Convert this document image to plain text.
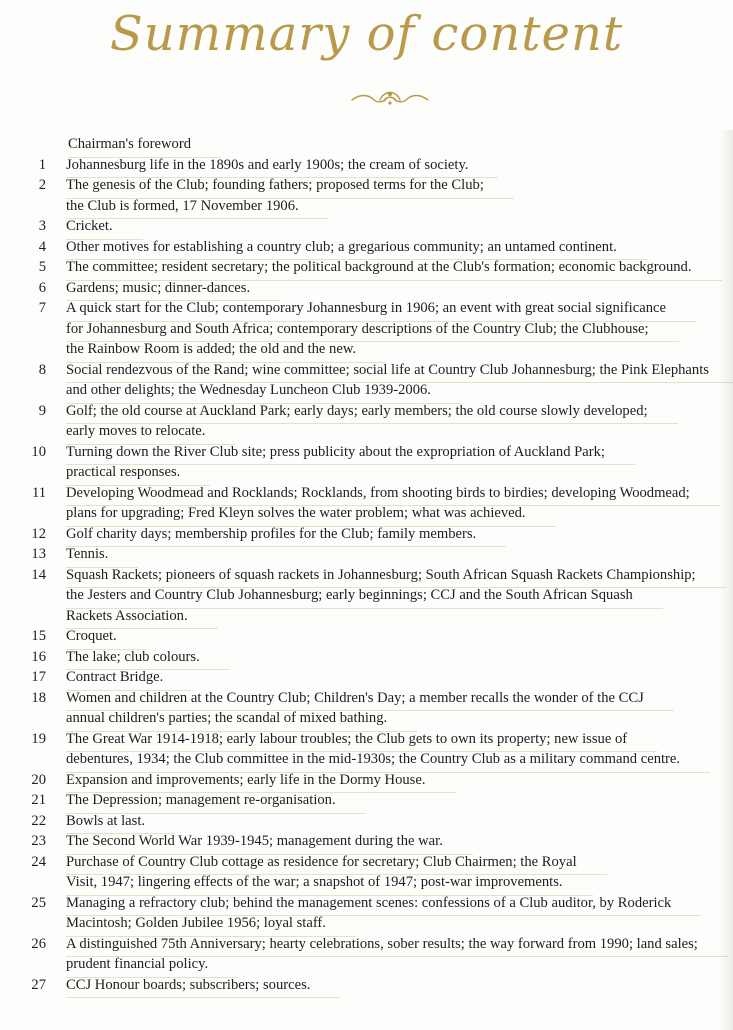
Summary of content
Chairman's foreword
1 Johannesburg life in the 1890s and early 1900s; the cream of society.
2 The genesis of the Club; founding fathers; proposed terms for the Club;
the Club is formed, 17 November 1906.
3 Cricket.
4 Other motives for establishing a country club; a gregarious community; an untamed continent.
5 The committee; resident secretary; the political background at the Club's formation; economic background.
6 Gardens; music; dinner-dances.
7 A quick start for the Club; contemporary Johannesburg in 1906; an event with great social significance
for Johannesburg and South Africa; contemporary descriptions of the Country Club; the Clubhouse;
the Rainbow Room is added; the old and the new.
8 Social rendezvous of the Rand; wine committee; social life at Country Club Johannesburg; the Pink Elephants
and other delights; the Wednesday Luncheon Club 1939-2006.
9 Golf; the old course at Auckland Park; early days; early members; the old course slowly developed;
early moves to relocate.
10 Turning down the River Club site; press publicity about the expropriation of Auckland Park;
practical responses.
11 Developing Woodmead and Rocklands; Rocklands, from shooting birds to birdies; developing Woodmead;
plans for upgrading; Fred Kleyn solves the water problem; what was achieved.
12 Golf charity days; membership profiles for the Club; family members.
13 Tennis.
14 Squash Rackets; pioneers of squash rackets in Johannesburg; South African Squash Rackets Championship;
the Jesters and Country Club Johannesburg; early beginnings; CCJ and the South African Squash
Rackets Association.
15 Croquet.
16 The lake; club colours.
17 Contract Bridge.
18 Women and children at the Country Club; Children's Day; a member recalls the wonder of the CCJ
annual children's parties; the scandal of mixed bathing.
19 The Great War 1914-1918; early labour troubles; the Club gets to own its property; new issue of
debentures, 1934; the Club committee in the mid-1930s; the Country Club as a military command centre.
20 Expansion and improvements; early life in the Dormy House.
21 The Depression; management re-organisation.
22 Bowls at last.
23 The Second World War 1939-1945; management during the war.
24 Purchase of Country Club cottage as residence for secretary; Club Chairmen; the Royal
Visit, 1947; lingering effects of the war; a snapshot of 1947; post-war improvements.
25 Managing a refractory club; behind the management scenes: confessions of a Club auditor, by Roderick
Macintosh; Golden Jubilee 1956; loyal staff.
26 A distinguished 75th Anniversary; hearty celebrations, sober results; the way forward from 1990; land sales;
prudent financial policy.
27 CCJ Honour boards; subscribers; sources.
